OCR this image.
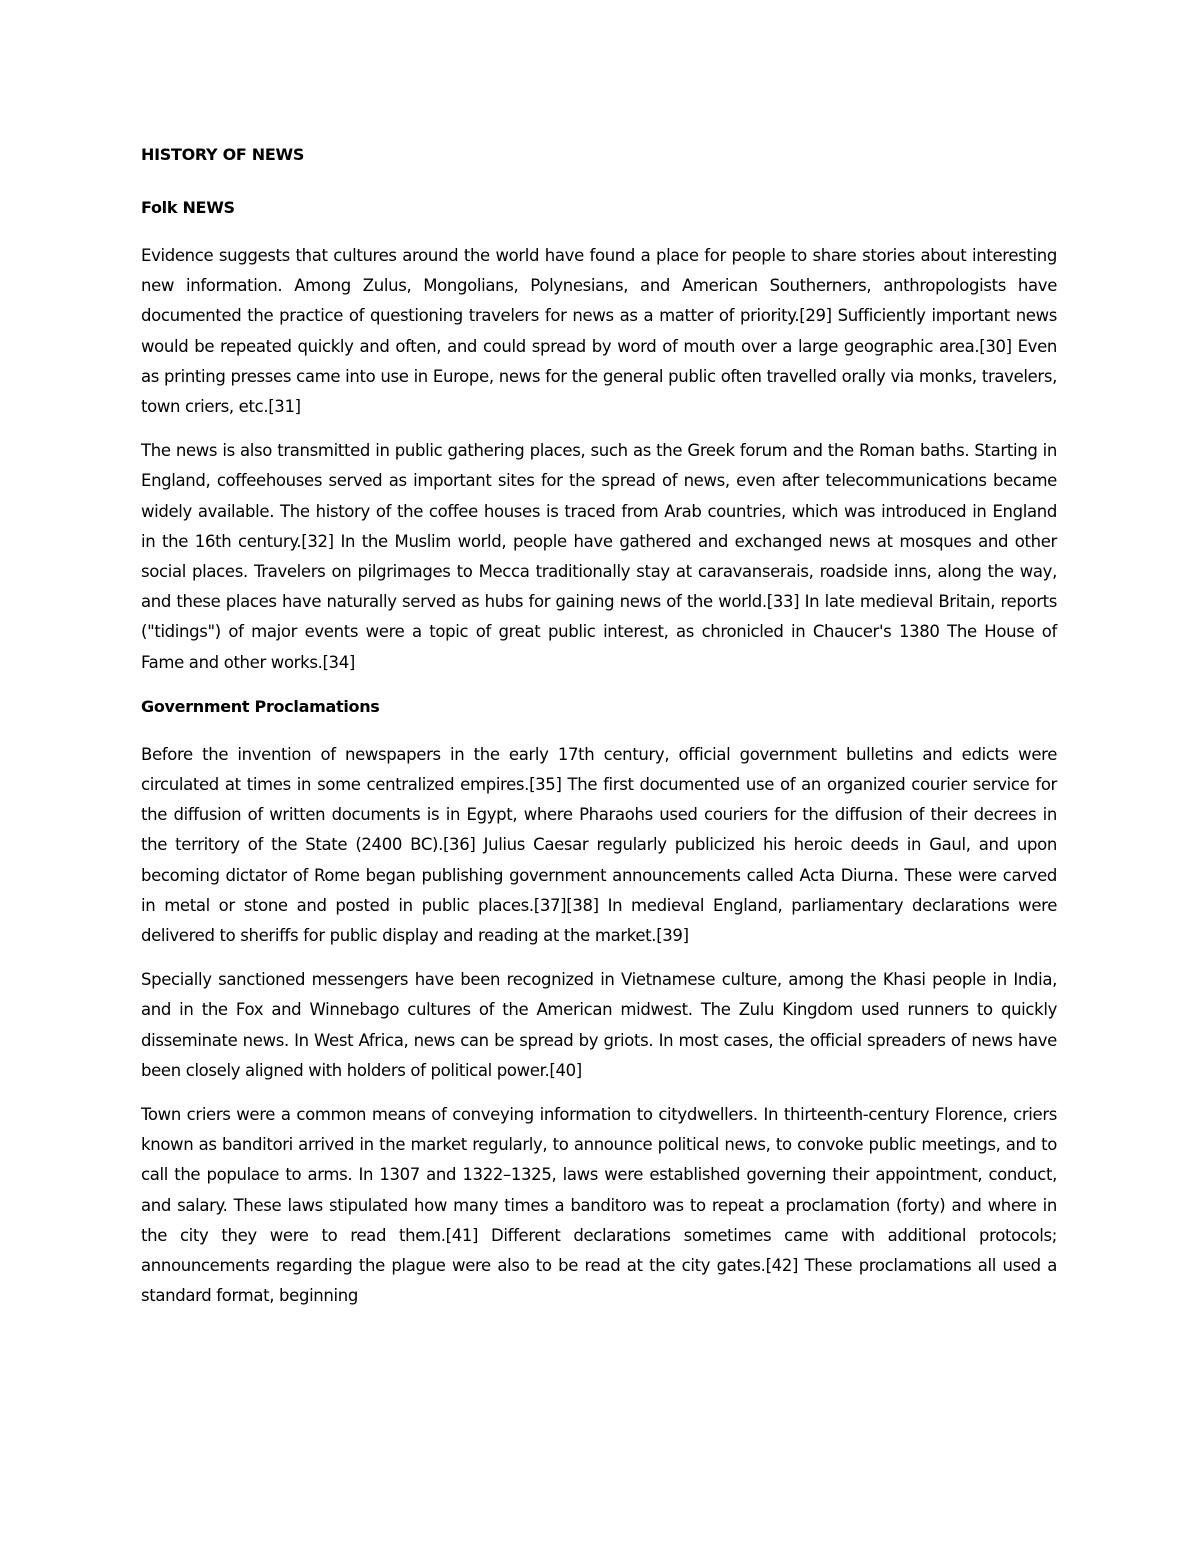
HISTORY OF NEWS
Folk NEWS

Evidence suggests that cultures around the world have found a place for people to share stories about interesting new information. Among Zulus, Mongolians, Polynesians, and American Southerners, anthropologists have documented the practice of questioning travelers for news as a matter of priority.[29] Sufficiently important news would be repeated quickly and often, and could spread by word of mouth over a large geographic area.[30] Even as printing presses came into use in Europe, news for the general public often travelled orally via monks, travelers, town criers, etc.[31]

The news is also transmitted in public gathering places, such as the Greek forum and the Roman baths. Starting in England, coffeehouses served as important sites for the spread of news, even after telecommunications became widely available. The history of the coffee houses is traced from Arab countries, which was introduced in England in the 16th century.[32] In the Muslim world, people have gathered and exchanged news at mosques and other social places. Travelers on pilgrimages to Mecca traditionally stay at caravanserais, roadside inns, along the way, and these places have naturally served as hubs for gaining news of the world.[33] In late medieval Britain, reports ("tidings") of major events were a topic of great public interest, as chronicled in Chaucer's 1380 The House of Fame and other works.[34]

Government Proclamations

Before the invention of newspapers in the early 17th century, official government bulletins and edicts were circulated at times in some centralized empires.[35] The first documented use of an organized courier service for the diffusion of written documents is in Egypt, where Pharaohs used couriers for the diffusion of their decrees in the territory of the State (2400 BC).[36] Julius Caesar regularly publicized his heroic deeds in Gaul, and upon becoming dictator of Rome began publishing government announcements called Acta Diurna. These were carved in metal or stone and posted in public places.[37][38] In medieval England, parliamentary declarations were delivered to sheriffs for public display and reading at the market.[39]

Specially sanctioned messengers have been recognized in Vietnamese culture, among the Khasi people in India, and in the Fox and Winnebago cultures of the American midwest. The Zulu Kingdom used runners to quickly disseminate news. In West Africa, news can be spread by griots. In most cases, the official spreaders of news have been closely aligned with holders of political power.[40]

Town criers were a common means of conveying information to citydwellers. In thirteenth-century Florence, criers known as banditori arrived in the market regularly, to announce political news, to convoke public meetings, and to call the populace to arms. In 1307 and 1322–1325, laws were established governing their appointment, conduct, and salary. These laws stipulated how many times a banditoro was to repeat a proclamation (forty) and where in the city they were to read them.[41] Different declarations sometimes came with additional protocols; announcements regarding the plague were also to be read at the city gates.[42] These proclamations all used a standard format, beginning
